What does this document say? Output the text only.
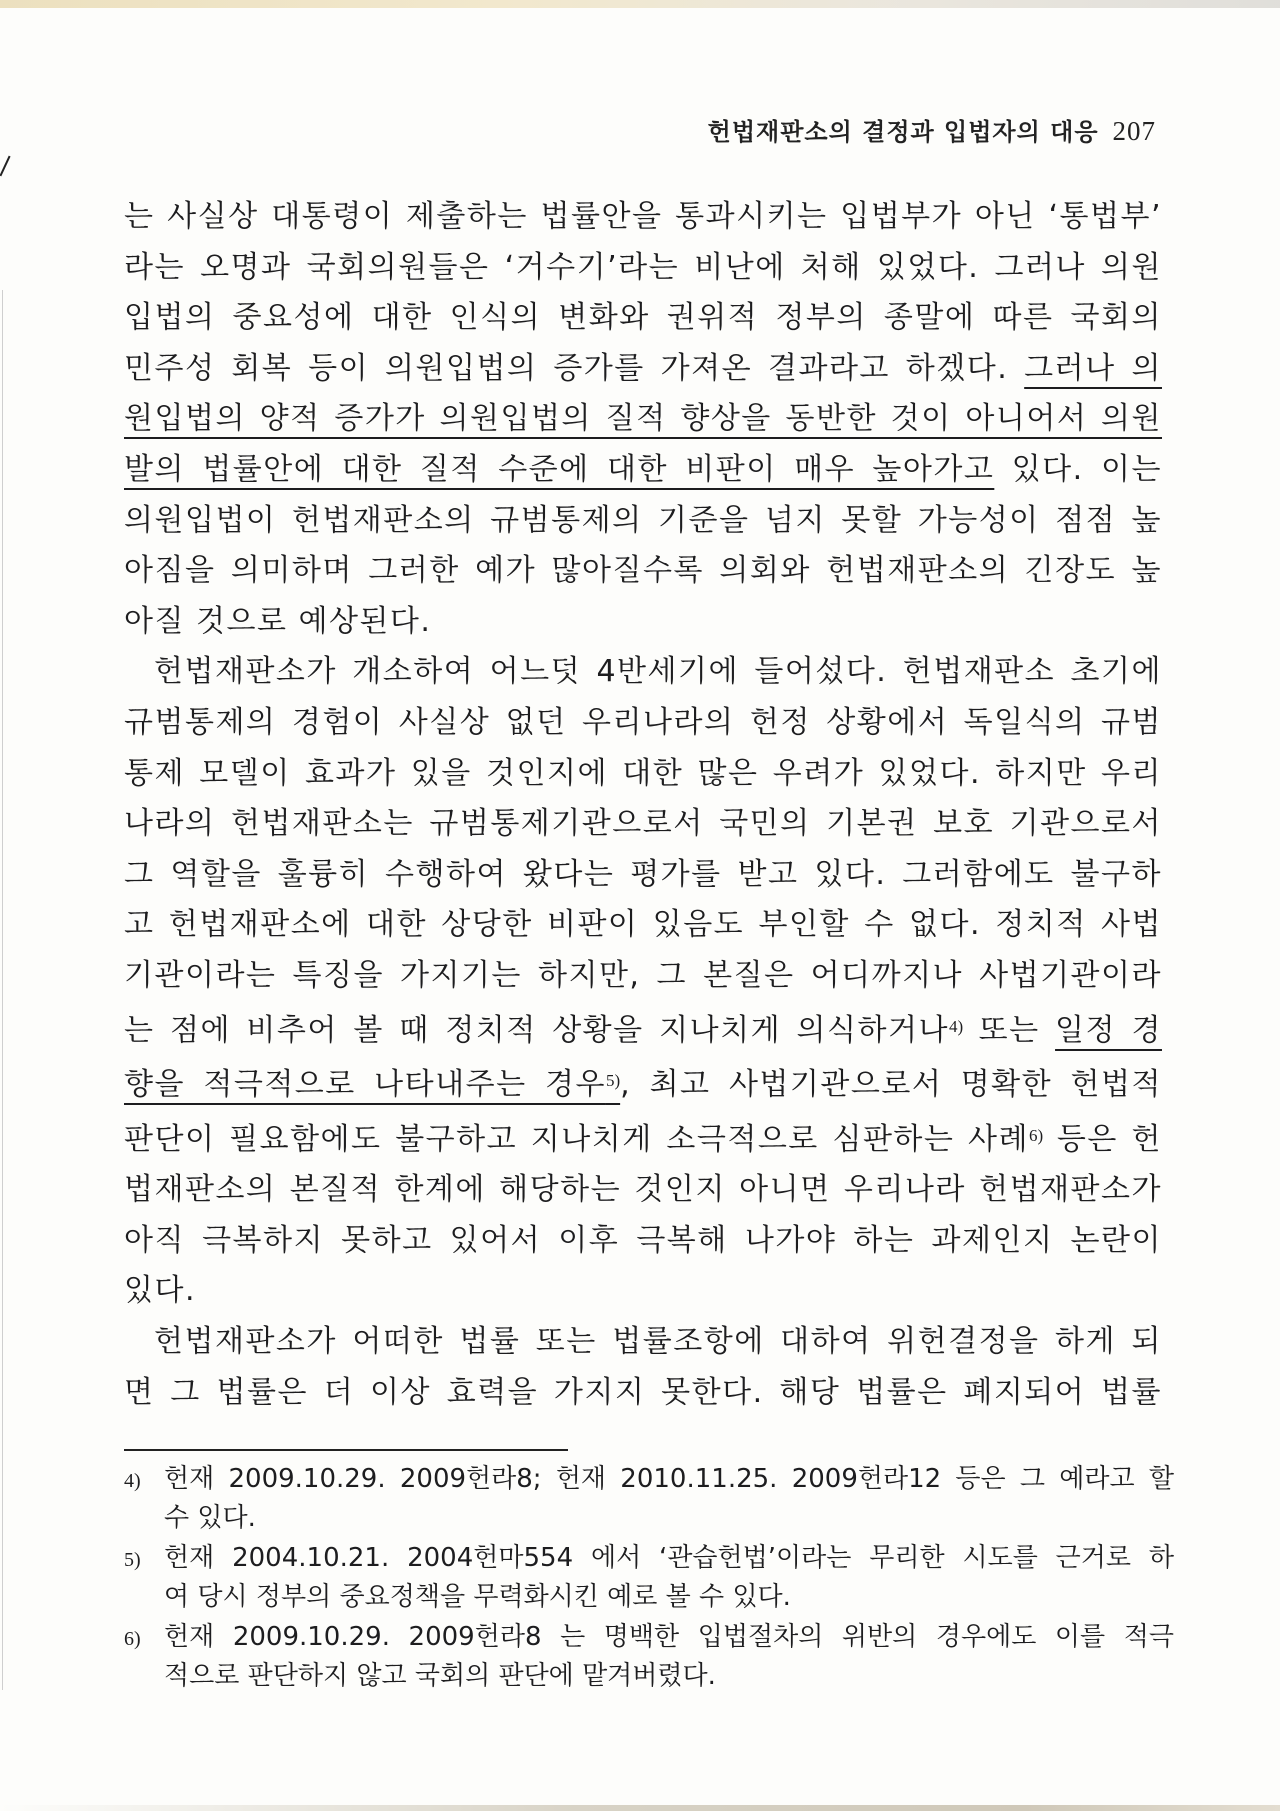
헌법재판소의 결정과 입법자의 대응 207
는 사실상 대통령이 제출하는 법률안을 통과시키는 입법부가 아닌 ‘통법부’
라는 오명과 국회의원들은 ‘거수기’라는 비난에 처해 있었다. 그러나 의원
입법의 중요성에 대한 인식의 변화와 권위적 정부의 종말에 따른 국회의
민주성 회복 등이 의원입법의 증가를 가져온 결과라고 하겠다. 그러나 의
원입법의 양적 증가가 의원입법의 질적 향상을 동반한 것이 아니어서 의원
발의 법률안에 대한 질적 수준에 대한 비판이 매우 높아가고 있다. 이는
의원입법이 헌법재판소의 규범통제의 기준을 넘지 못할 가능성이 점점 높
아짐을 의미하며 그러한 예가 많아질수록 의회와 헌법재판소의 긴장도 높
아질 것으로 예상된다.
헌법재판소가 개소하여 어느덧 4반세기에 들어섰다. 헌법재판소 초기에
규범통제의 경험이 사실상 없던 우리나라의 헌정 상황에서 독일식의 규범
통제 모델이 효과가 있을 것인지에 대한 많은 우려가 있었다. 하지만 우리
나라의 헌법재판소는 규범통제기관으로서 국민의 기본권 보호 기관으로서
그 역할을 훌륭히 수행하여 왔다는 평가를 받고 있다. 그러함에도 불구하
고 헌법재판소에 대한 상당한 비판이 있음도 부인할 수 없다. 정치적 사법
기관이라는 특징을 가지기는 하지만, 그 본질은 어디까지나 사법기관이라
는 점에 비추어 볼 때 정치적 상황을 지나치게 의식하거나$^{4)}$ 또는 일정 경
향을 적극적으로 나타내주는 경우$^{5)}$, 최고 사법기관으로서 명확한 헌법적
판단이 필요함에도 불구하고 지나치게 소극적으로 심판하는 사례$^{6)}$ 등은 헌
법재판소의 본질적 한계에 해당하는 것인지 아니면 우리나라 헌법재판소가
아직 극복하지 못하고 있어서 이후 극복해 나가야 하는 과제인지 논란이
있다.
헌법재판소가 어떠한 법률 또는 법률조항에 대하여 위헌결정을 하게 되
면 그 법률은 더 이상 효력을 가지지 못한다. 해당 법률은 폐지되어 법률
4) 헌재 2009.10.29. 2009헌라8; 헌재 2010.11.25. 2009헌라12 등은 그 예라고 할
수 있다.
5) 헌재 2004.10.21. 2004헌마554 에서 ‘관습헌법’이라는 무리한 시도를 근거로 하
여 당시 정부의 중요정책을 무력화시킨 예로 볼 수 있다.
6) 헌재 2009.10.29. 2009헌라8 는 명백한 입법절차의 위반의 경우에도 이를 적극
적으로 판단하지 않고 국회의 판단에 맡겨버렸다.
